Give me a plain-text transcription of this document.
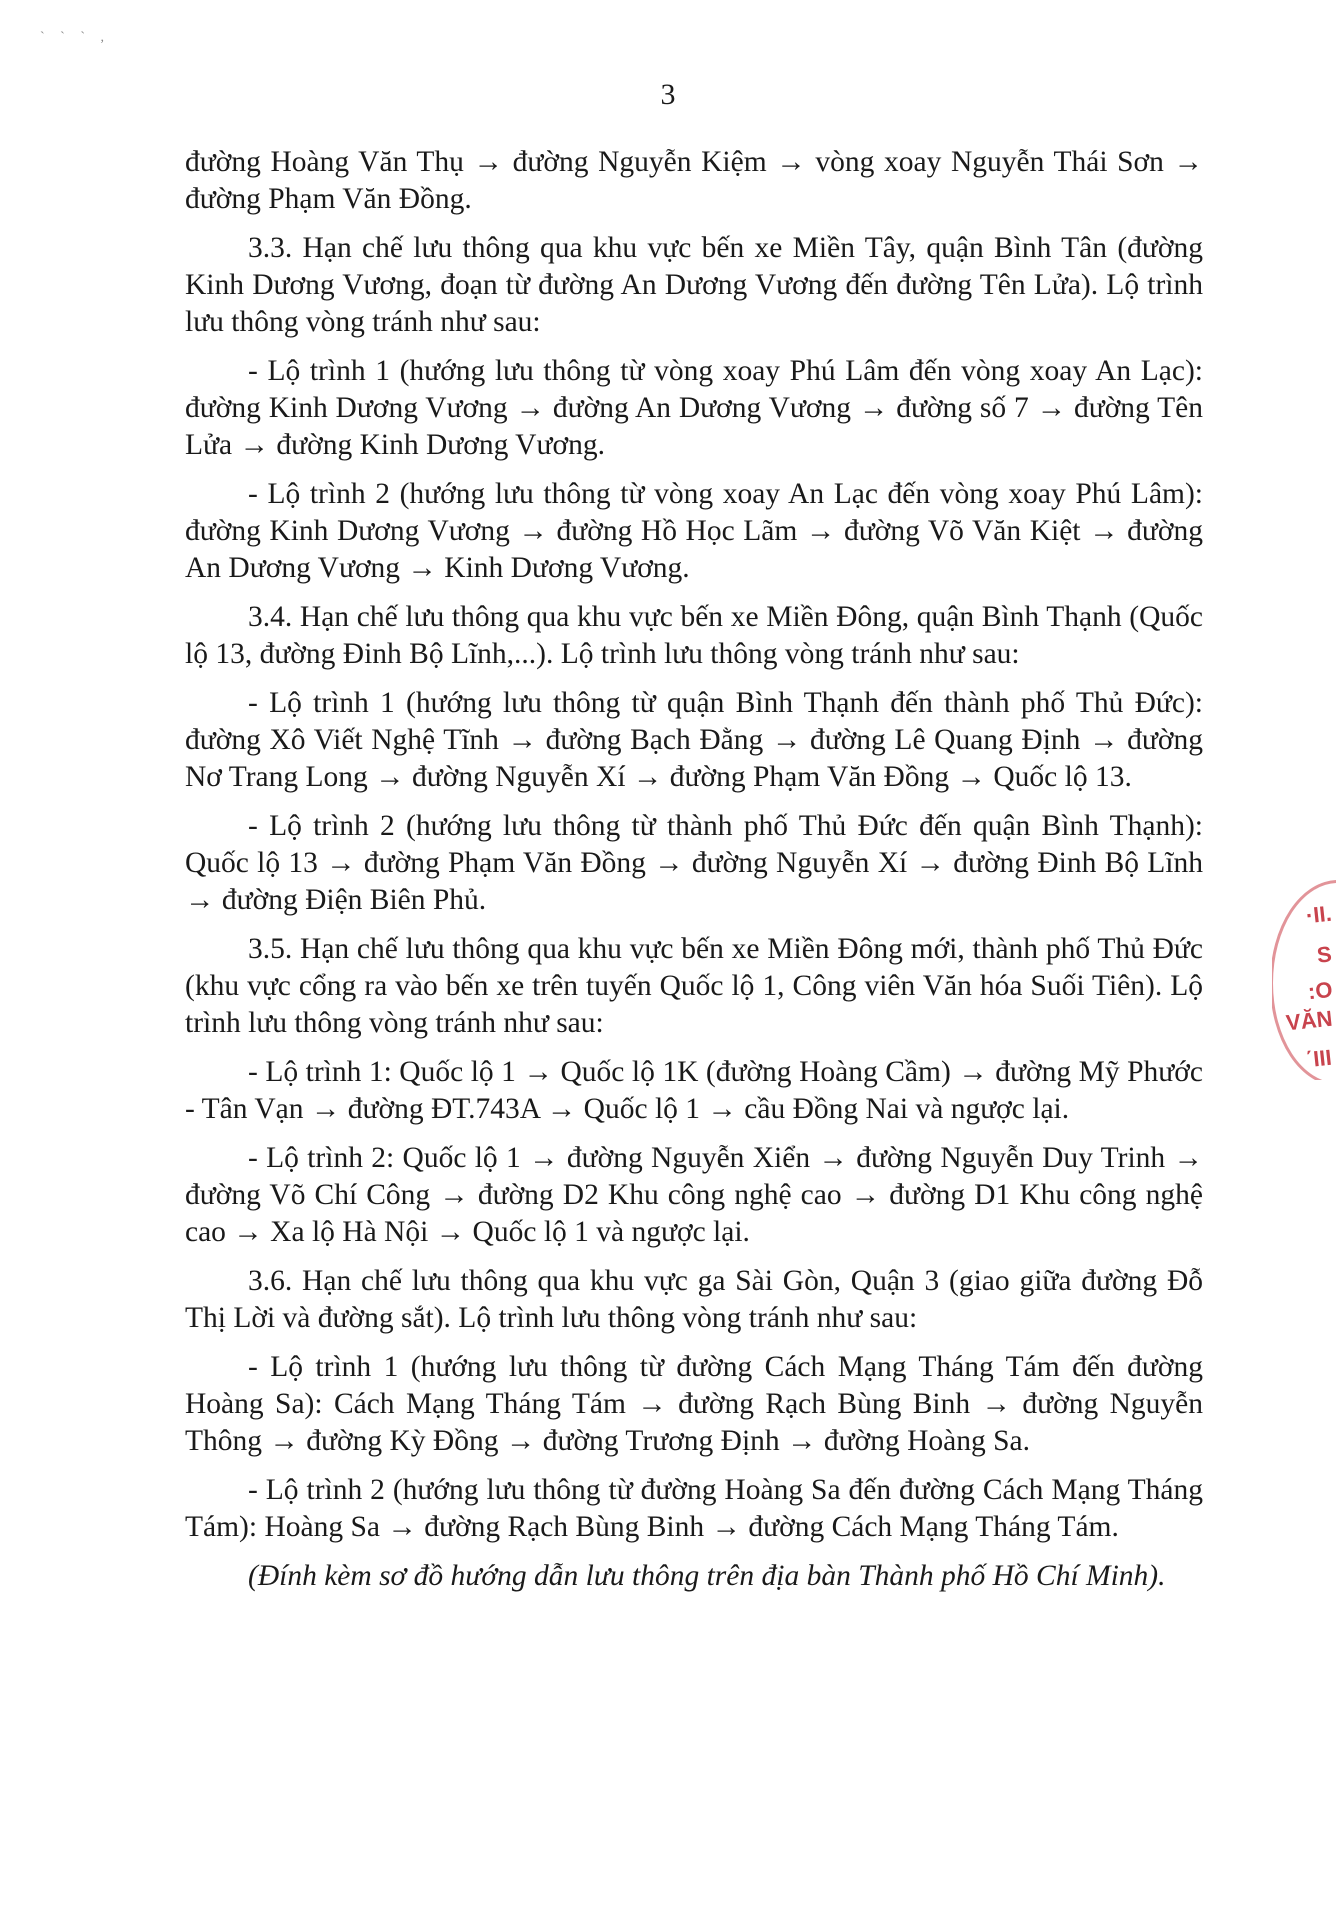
` ` ` ,
3

đường Hoàng Văn Thụ → đường Nguyễn Kiệm → vòng xoay Nguyễn Thái Sơn → đường Phạm Văn Đồng.

3.3. Hạn chế lưu thông qua khu vực bến xe Miền Tây, quận Bình Tân (đường Kinh Dương Vương, đoạn từ đường An Dương Vương đến đường Tên Lửa). Lộ trình lưu thông vòng tránh như sau:

- Lộ trình 1 (hướng lưu thông từ vòng xoay Phú Lâm đến vòng xoay An Lạc): đường Kinh Dương Vương → đường An Dương Vương → đường số 7 → đường Tên Lửa → đường Kinh Dương Vương.

- Lộ trình 2 (hướng lưu thông từ vòng xoay An Lạc đến vòng xoay Phú Lâm): đường Kinh Dương Vương → đường Hồ Học Lãm → đường Võ Văn Kiệt → đường An Dương Vương → Kinh Dương Vương.

3.4. Hạn chế lưu thông qua khu vực bến xe Miền Đông, quận Bình Thạnh (Quốc lộ 13, đường Đinh Bộ Lĩnh,...). Lộ trình lưu thông vòng tránh như sau:

- Lộ trình 1 (hướng lưu thông từ quận Bình Thạnh đến thành phố Thủ Đức): đường Xô Viết Nghệ Tĩnh → đường Bạch Đằng → đường Lê Quang Định → đường Nơ Trang Long → đường Nguyễn Xí → đường Phạm Văn Đồng → Quốc lộ 13.

- Lộ trình 2 (hướng lưu thông từ thành phố Thủ Đức đến quận Bình Thạnh): Quốc lộ 13 → đường Phạm Văn Đồng → đường Nguyễn Xí → đường Đinh Bộ Lĩnh → đường Điện Biên Phủ.

3.5. Hạn chế lưu thông qua khu vực bến xe Miền Đông mới, thành phố Thủ Đức (khu vực cổng ra vào bến xe trên tuyến Quốc lộ 1, Công viên Văn hóa Suối Tiên). Lộ trình lưu thông vòng tránh như sau:

- Lộ trình 1: Quốc lộ 1 → Quốc lộ 1K (đường Hoàng Cầm) → đường Mỹ Phước - Tân Vạn → đường ĐT.743A → Quốc lộ 1 → cầu Đồng Nai và ngược lại.

- Lộ trình 2: Quốc lộ 1 → đường Nguyễn Xiển → đường Nguyễn Duy Trinh → đường Võ Chí Công → đường D2 Khu công nghệ cao → đường D1 Khu công nghệ cao → Xa lộ Hà Nội → Quốc lộ 1 và ngược lại.

3.6. Hạn chế lưu thông qua khu vực ga Sài Gòn, Quận 3 (giao giữa đường Đỗ Thị Lời và đường sắt). Lộ trình lưu thông vòng tránh như sau:

- Lộ trình 1 (hướng lưu thông từ đường Cách Mạng Tháng Tám đến đường Hoàng Sa): Cách Mạng Tháng Tám → đường Rạch Bùng Binh → đường Nguyễn Thông → đường Kỳ Đồng → đường Trương Định → đường Hoàng Sa.

- Lộ trình 2 (hướng lưu thông từ đường Hoàng Sa đến đường Cách Mạng Tháng Tám): Hoàng Sa → đường Rạch Bùng Binh → đường Cách Mạng Tháng Tám.

(Đính kèm sơ đồ hướng dẫn lưu thông trên địa bàn Thành phố Hồ Chí Minh).

·II.
S
:O
VĂN
΄III
